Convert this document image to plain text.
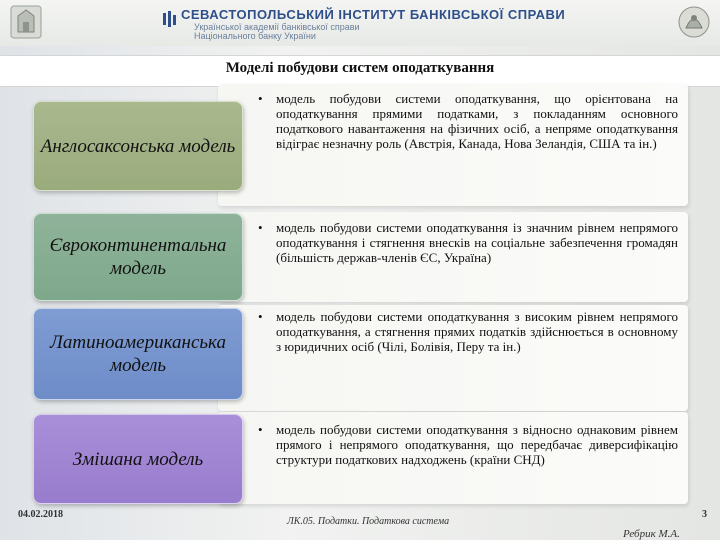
СЕВАСТОПОЛЬСЬКИЙ ІНСТИТУТ БАНКІВСЬКОЇ СПРАВИ
Української академії банківської справи
Національного банку України
Моделі побудови систем оподаткування
• модель побудови системи оподаткування, що орієнтована на оподаткування прямими податками, з покладанням основного податкового навантаження на фізичних осіб, а непряме оподаткування відіграє незначну роль (Австрія, Канада, Нова Зеландія, США та ін.)
Англосаксонська модель
• модель побудови системи оподаткування із значним рівнем непрямого оподаткування і стягнення внесків на соціальне забезпечення громадян (більшість держав-членів ЄС, Україна)
Євроконтинентальна модель
• модель побудови системи оподаткування з високим рівнем непрямого оподаткування, а стягнення прямих податків здійснюється в основному з юридичних осіб (Чілі, Болівія, Перу та ін.)
Латиноамериканська модель
• модель побудови системи оподаткування з відносно однаковим рівнем прямого і непрямого оподаткування, що передбачає диверсифікацію структури податкових надходжень (країни СНД)
Змішана модель
04.02.2018
ЛК.05. Податки. Податкова система
Ребрик М.А.
3
